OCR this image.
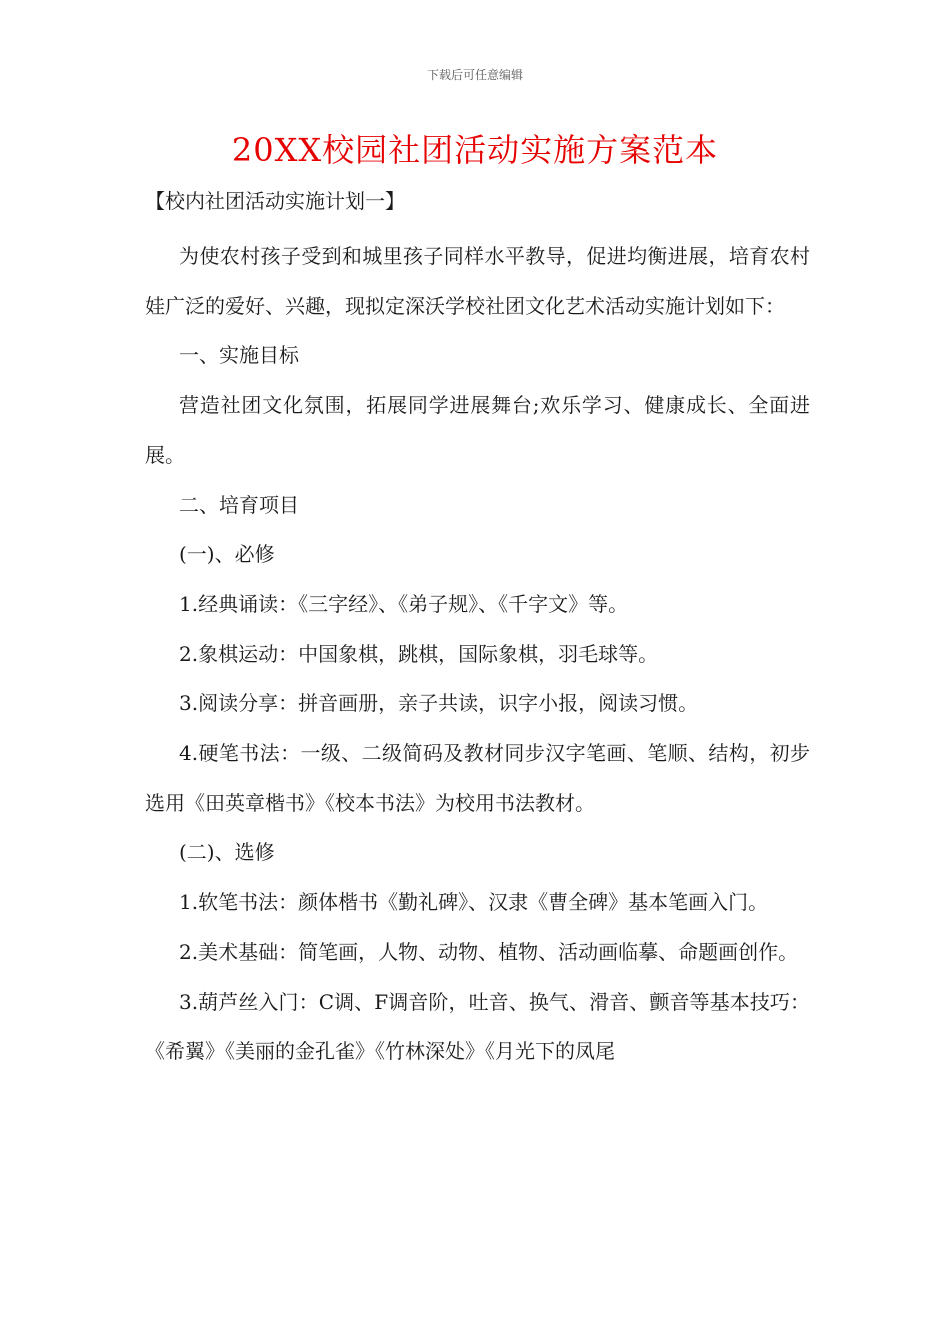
下载后可任意编辑
20XX校园社团活动实施方案范本

【校内社团活动实施计划一】

为使农村孩子受到和城里孩子同样水平教导，促进均衡进展，培育农村娃广泛的爱好、兴趣，现拟定深沃学校社团文化艺术活动实施计划如下：

一、实施目标

营造社团文化氛围，拓展同学进展舞台;欢乐学习、健康成长、全面进展。

二、培育项目

(一)、必修

1.经典诵读：《三字经》、《弟子规》、《千字文》等。

2.象棋运动：中国象棋，跳棋，国际象棋，羽毛球等。

3.阅读分享：拼音画册，亲子共读，识字小报，阅读习惯。

4.硬笔书法：一级、二级简码及教材同步汉字笔画、笔顺、结构，初步选用《田英章楷书》《校本书法》为校用书法教材。

(二)、选修

1.软笔书法：颜体楷书《勤礼碑》、汉隶《曹全碑》基本笔画入门。

2.美术基础：简笔画，人物、动物、植物、活动画临摹、命题画创作。

3.葫芦丝入门：C调、F调音阶，吐音、换气、滑音、颤音等基本技巧：《希翼》《美丽的金孔雀》《竹林深处》《月光下的凤尾
